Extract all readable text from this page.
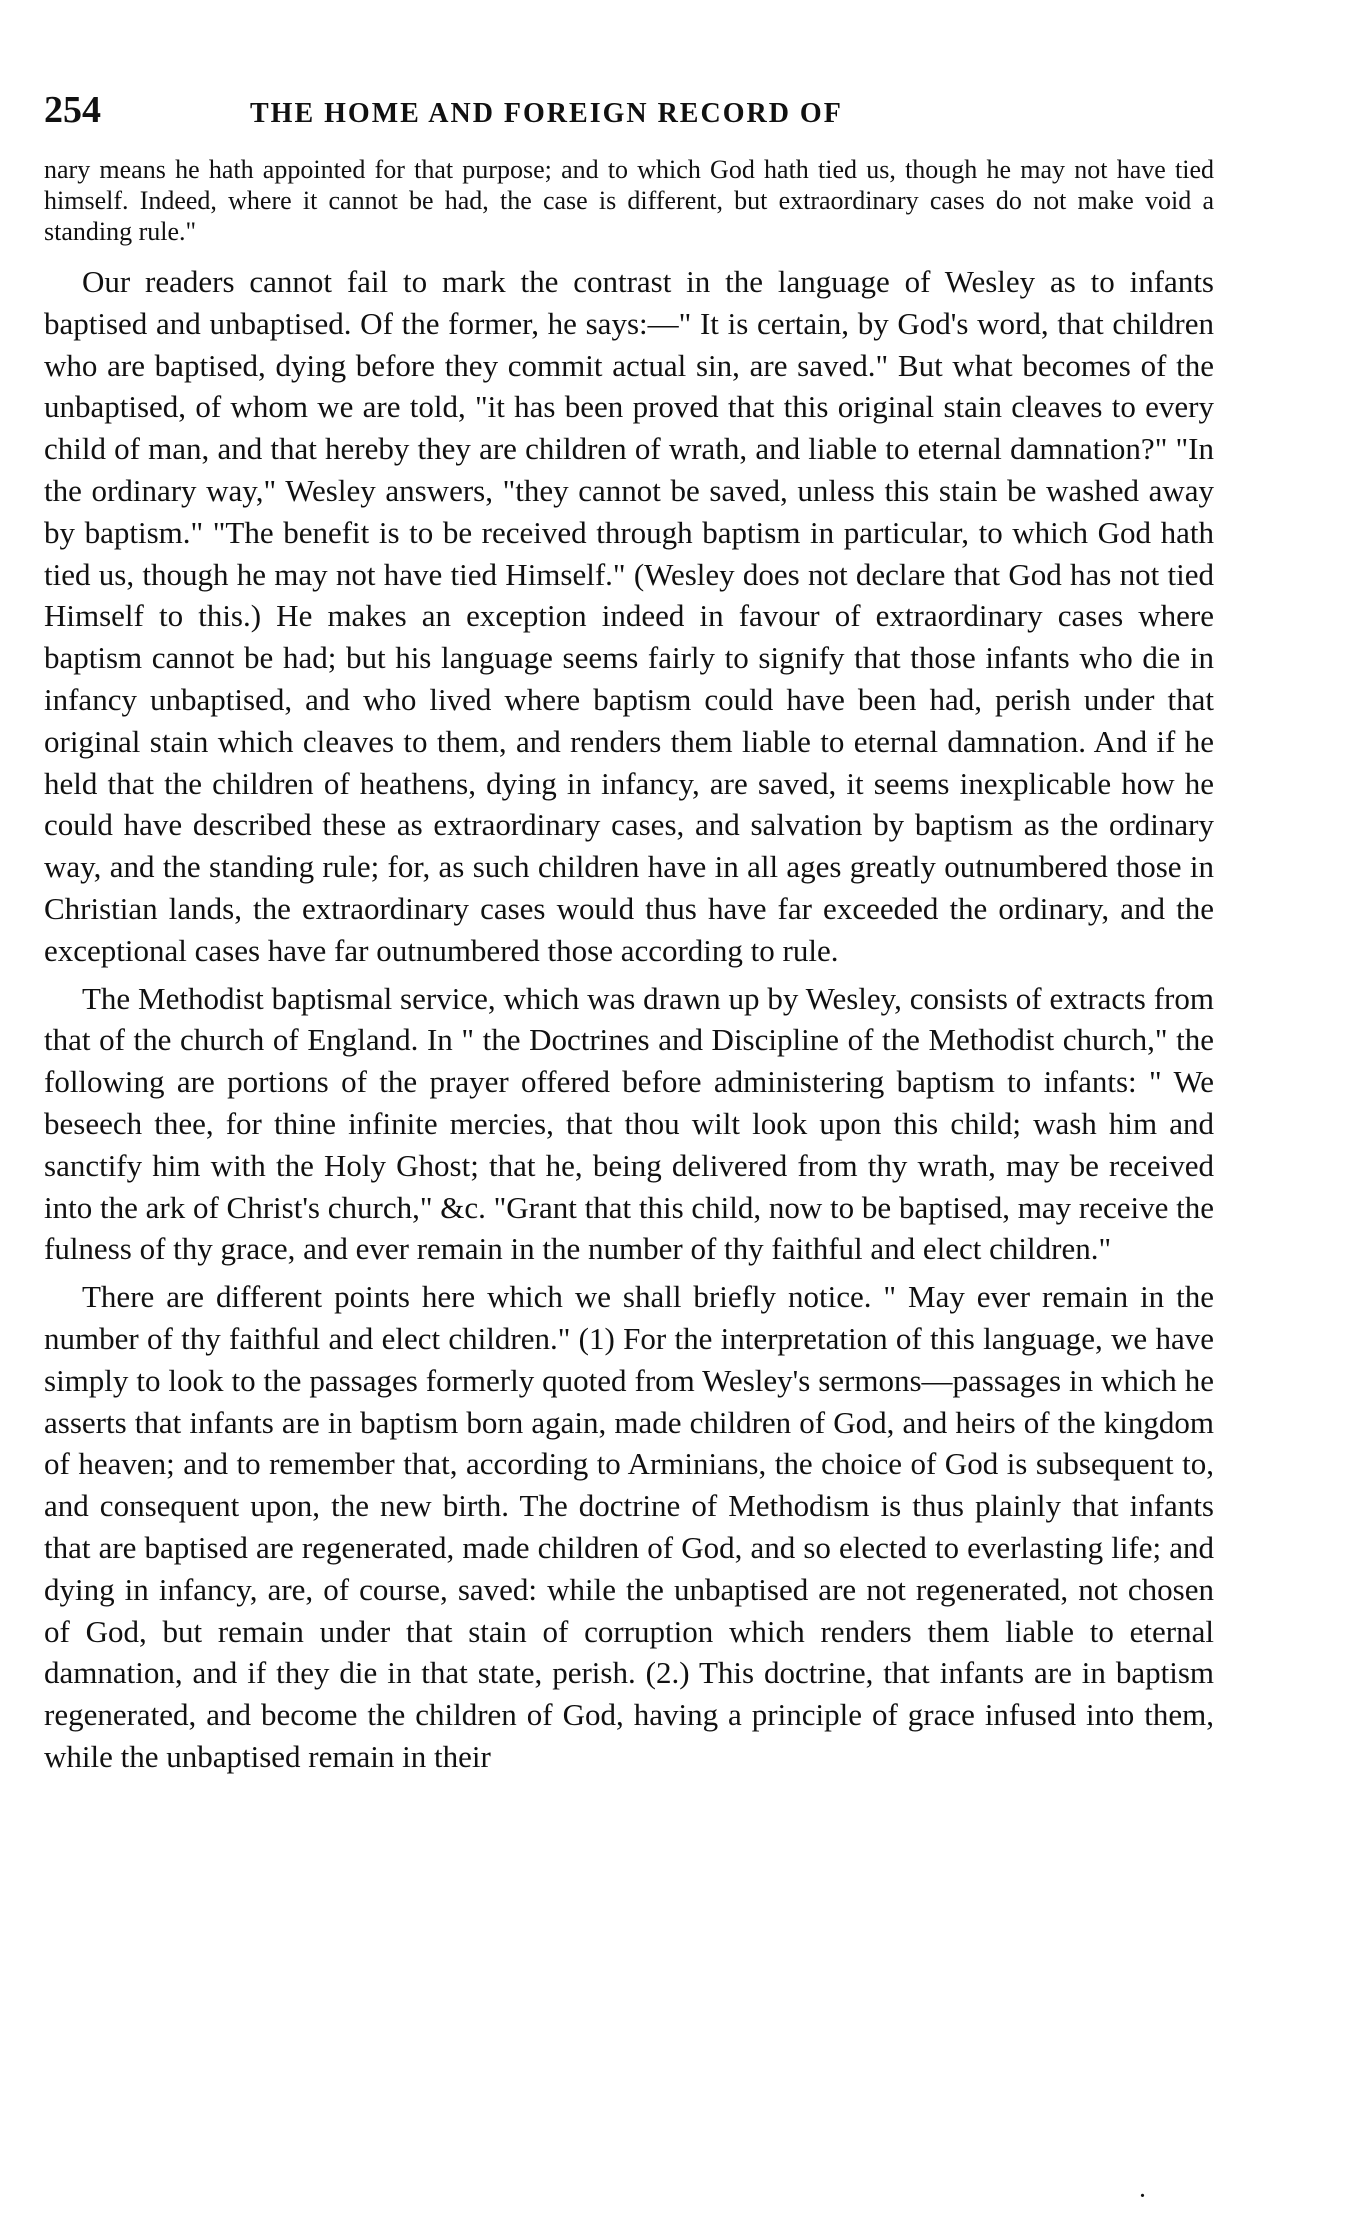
254	THE HOME AND FOREIGN RECORD OF

nary means he hath appointed for that purpose; and to which God hath tied us, though he may not have tied himself. Indeed, where it cannot be had, the case is different, but extraordinary cases do not make void a standing rule."

Our readers cannot fail to mark the contrast in the language of Wesley as to infants baptised and unbaptised. Of the former, he says:—" It is certain, by God's word, that children who are baptised, dying before they commit actual sin, are saved." But what becomes of the unbaptised, of whom we are told, "it has been proved that this original stain cleaves to every child of man, and that hereby they are children of wrath, and liable to eternal damnation?" "In the ordinary way," Wesley answers, "they cannot be saved, unless this stain be washed away by baptism." "The benefit is to be received through baptism in particular, to which God hath tied us, though he may not have tied Himself." (Wesley does not declare that God has not tied Himself to this.) He makes an exception indeed in favour of extraordinary cases where baptism cannot be had; but his language seems fairly to signify that those infants who die in infancy unbaptised, and who lived where baptism could have been had, perish under that original stain which cleaves to them, and renders them liable to eternal damnation. And if he held that the children of heathens, dying in infancy, are saved, it seems inexplicable how he could have described these as extraordinary cases, and salvation by baptism as the ordinary way, and the standing rule; for, as such children have in all ages greatly outnumbered those in Christian lands, the extraordinary cases would thus have far exceeded the ordinary, and the exceptional cases have far outnumbered those according to rule.

The Methodist baptismal service, which was drawn up by Wesley, consists of extracts from that of the church of England. In " the Doctrines and Discipline of the Methodist church," the following are portions of the prayer offered before administering baptism to infants: " We beseech thee, for thine infinite mercies, that thou wilt look upon this child; wash him and sanctify him with the Holy Ghost; that he, being delivered from thy wrath, may be received into the ark of Christ's church," &c. "Grant that this child, now to be baptised, may receive the fulness of thy grace, and ever remain in the number of thy faithful and elect children."

There are different points here which we shall briefly notice. " May ever remain in the number of thy faithful and elect children." (1) For the interpretation of this language, we have simply to look to the passages formerly quoted from Wesley's sermons—passages in which he asserts that infants are in baptism born again, made children of God, and heirs of the kingdom of heaven; and to remember that, according to Arminians, the choice of God is subsequent to, and consequent upon, the new birth. The doctrine of Methodism is thus plainly that infants that are baptised are regenerated, made children of God, and so elected to everlasting life; and dying in infancy, are, of course, saved: while the unbaptised are not regenerated, not chosen of God, but remain under that stain of corruption which renders them liable to eternal damnation, and if they die in that state, perish. (2.) This doctrine, that infants are in baptism regenerated, and become the children of God, having a principle of grace infused into them, while the unbaptised remain in their

.
